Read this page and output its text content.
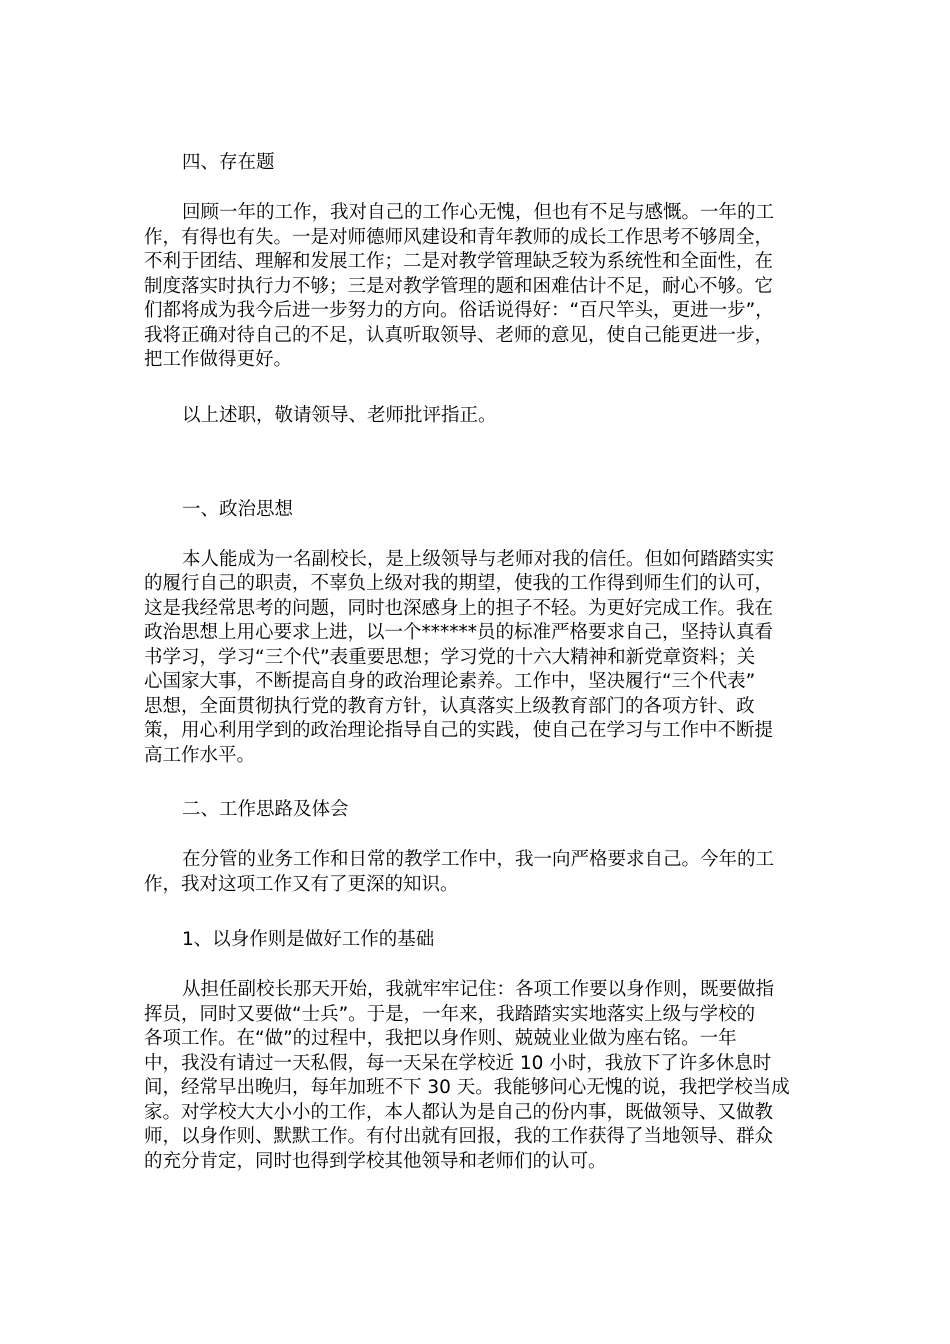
四、存在题
回顾一年的工作，我对自己的工作心无愧，但也有不足与感慨。一年的工
作，有得也有失。一是对师德师风建设和青年教师的成长工作思考不够周全，
不利于团结、理解和发展工作；二是对教学管理缺乏较为系统性和全面性，在
制度落实时执行力不够；三是对教学管理的题和困难估计不足，耐心不够。它
们都将成为我今后进一步努力的方向。俗话说得好：“百尺竿头，更进一步”，
我将正确对待自己的不足，认真听取领导、老师的意见，使自己能更进一步，
把工作做得更好。
以上述职，敬请领导、老师批评指正。
一、政治思想
本人能成为一名副校长，是上级领导与老师对我的信任。但如何踏踏实实
的履行自己的职责，不辜负上级对我的期望，使我的工作得到师生们的认可，
这是我经常思考的问题，同时也深感身上的担子不轻。为更好完成工作。我在
政治思想上用心要求上进，以一个******员的标准严格要求自己，坚持认真看
书学习，学习“三个代”表重要思想；学习党的十六大精神和新党章资料；关
心国家大事，不断提高自身的政治理论素养。工作中，坚决履行“三个代表”
思想，全面贯彻执行党的教育方针，认真落实上级教育部门的各项方针、政
策，用心利用学到的政治理论指导自己的实践，使自己在学习与工作中不断提
高工作水平。
二、工作思路及体会
在分管的业务工作和日常的教学工作中，我一向严格要求自己。今年的工
作，我对这项工作又有了更深的知识。
1、以身作则是做好工作的基础
从担任副校长那天开始，我就牢牢记住：各项工作要以身作则，既要做指
挥员，同时又要做“士兵”。于是，一年来，我踏踏实实地落实上级与学校的
各项工作。在“做”的过程中，我把以身作则、兢兢业业做为座右铭。一年
中，我没有请过一天私假，每一天呆在学校近 10 小时，我放下了许多休息时
间，经常早出晚归，每年加班不下 30 天。我能够问心无愧的说，我把学校当成
家。对学校大大小小的工作，本人都认为是自己的份内事，既做领导、又做教
师，以身作则、默默工作。有付出就有回报，我的工作获得了当地领导、群众
的充分肯定，同时也得到学校其他领导和老师们的认可。
